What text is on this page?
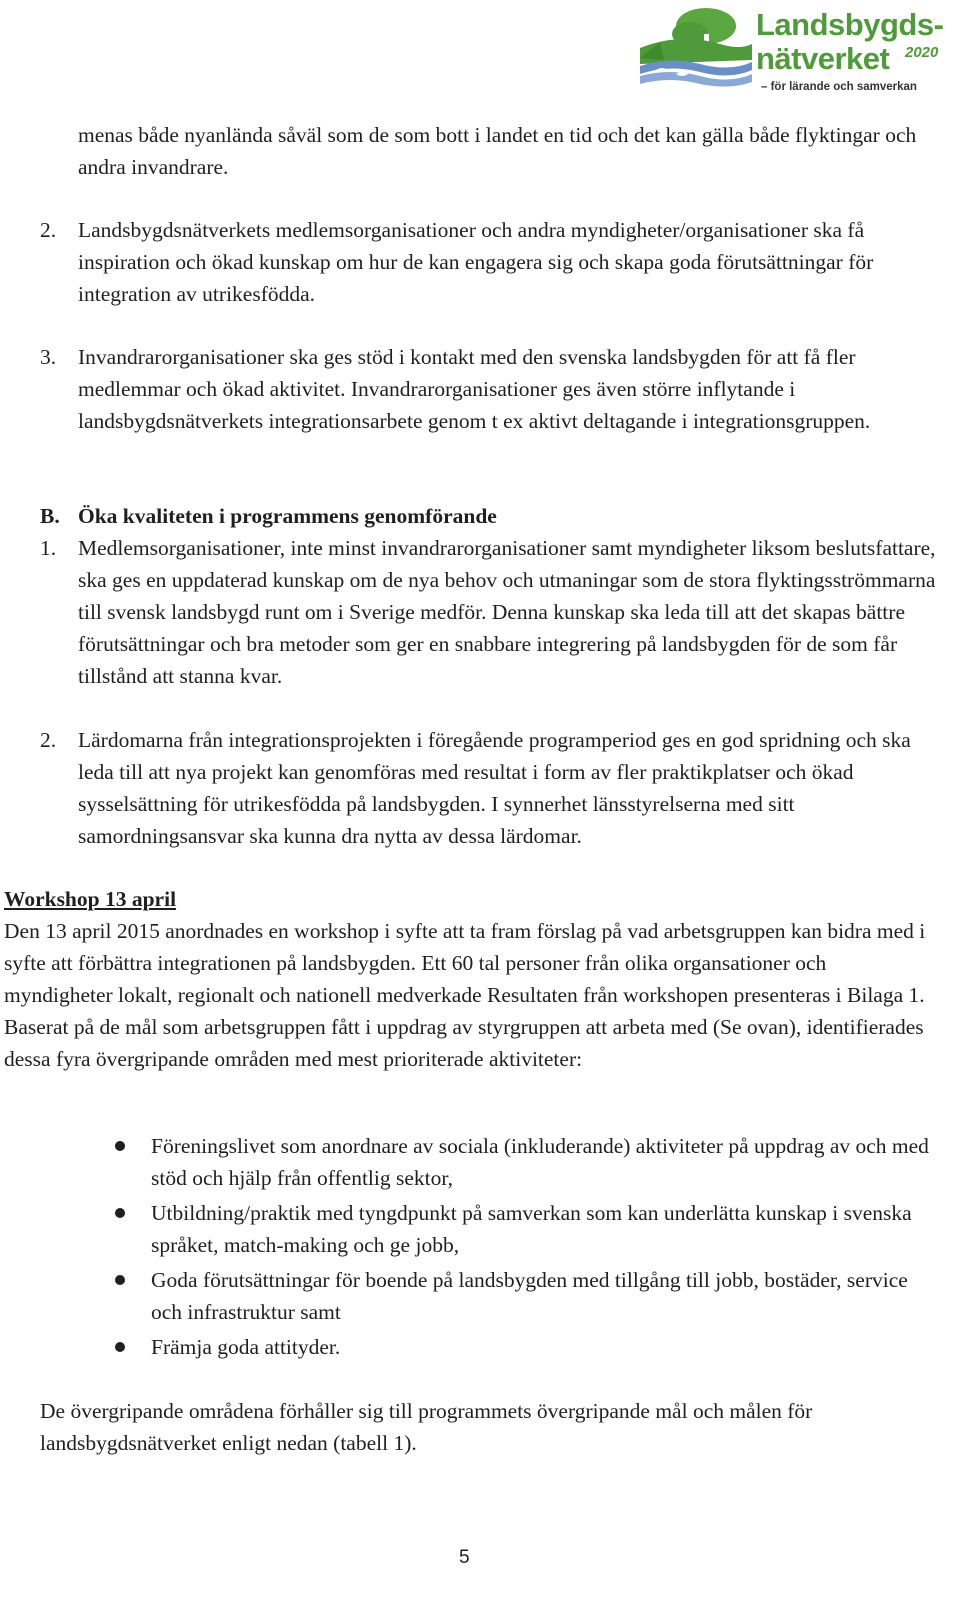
Landsbygds-
nätverket 2020
– för lärande och samverkan

menas både nyanlända såväl som de som bott i landet en tid och det kan gälla både flyktingar och andra invandrare.

2. Landsbygdsnätverkets medlemsorganisationer och andra myndigheter/organisationer ska få inspiration och ökad kunskap om hur de kan engagera sig och skapa goda förutsättningar för integration av utrikesfödda.

3. Invandrarorganisationer ska ges stöd i kontakt med den svenska landsbygden för att få fler medlemmar och ökad aktivitet. Invandrarorganisationer ges även större inflytande i landsbygdsnätverkets integrationsarbete genom t ex aktivt deltagande i integrationsgruppen.

B. Öka kvaliteten i programmens genomförande

1. Medlemsorganisationer, inte minst invandrarorganisationer samt myndigheter liksom beslutsfattare, ska ges en uppdaterad kunskap om de nya behov och utmaningar som de stora flyktingsströmmarna till svensk landsbygd runt om i Sverige medför. Denna kunskap ska leda till att det skapas bättre förutsättningar och bra metoder som ger en snabbare integrering på landsbygden för de som får tillstånd att stanna kvar.

2. Lärdomarna från integrationsprojekten i föregående programperiod ges en god spridning och ska leda till att nya projekt kan genomföras med resultat i form av fler praktikplatser och ökad sysselsättning för utrikesfödda på landsbygden. I synnerhet länsstyrelserna med sitt samordningsansvar ska kunna dra nytta av dessa lärdomar.

Workshop 13 april

Den 13 april 2015 anordnades en workshop i syfte att ta fram förslag på vad arbetsgruppen kan bidra med i syfte att förbättra integrationen på landsbygden. Ett 60 tal personer från olika organsationer och myndigheter lokalt, regionalt och nationell medverkade Resultaten från workshopen presenteras i Bilaga 1. Baserat på de mål som arbetsgruppen fått i uppdrag av styrgruppen att arbeta med (Se ovan), identifierades dessa fyra övergripande områden med mest prioriterade aktiviteter:

Föreningslivet som anordnare av sociala (inkluderande) aktiviteter på uppdrag av och med stöd och hjälp från offentlig sektor,

Utbildning/praktik med tyngdpunkt på samverkan som kan underlätta kunskap i svenska språket, match-making och ge jobb,

Goda förutsättningar för boende på landsbygden med tillgång till jobb, bostäder, service och infrastruktur samt

Främja goda attityder.

De övergripande områdena förhåller sig till programmets övergripande mål och målen för landsbygdsnätverket enligt nedan (tabell 1).

5
